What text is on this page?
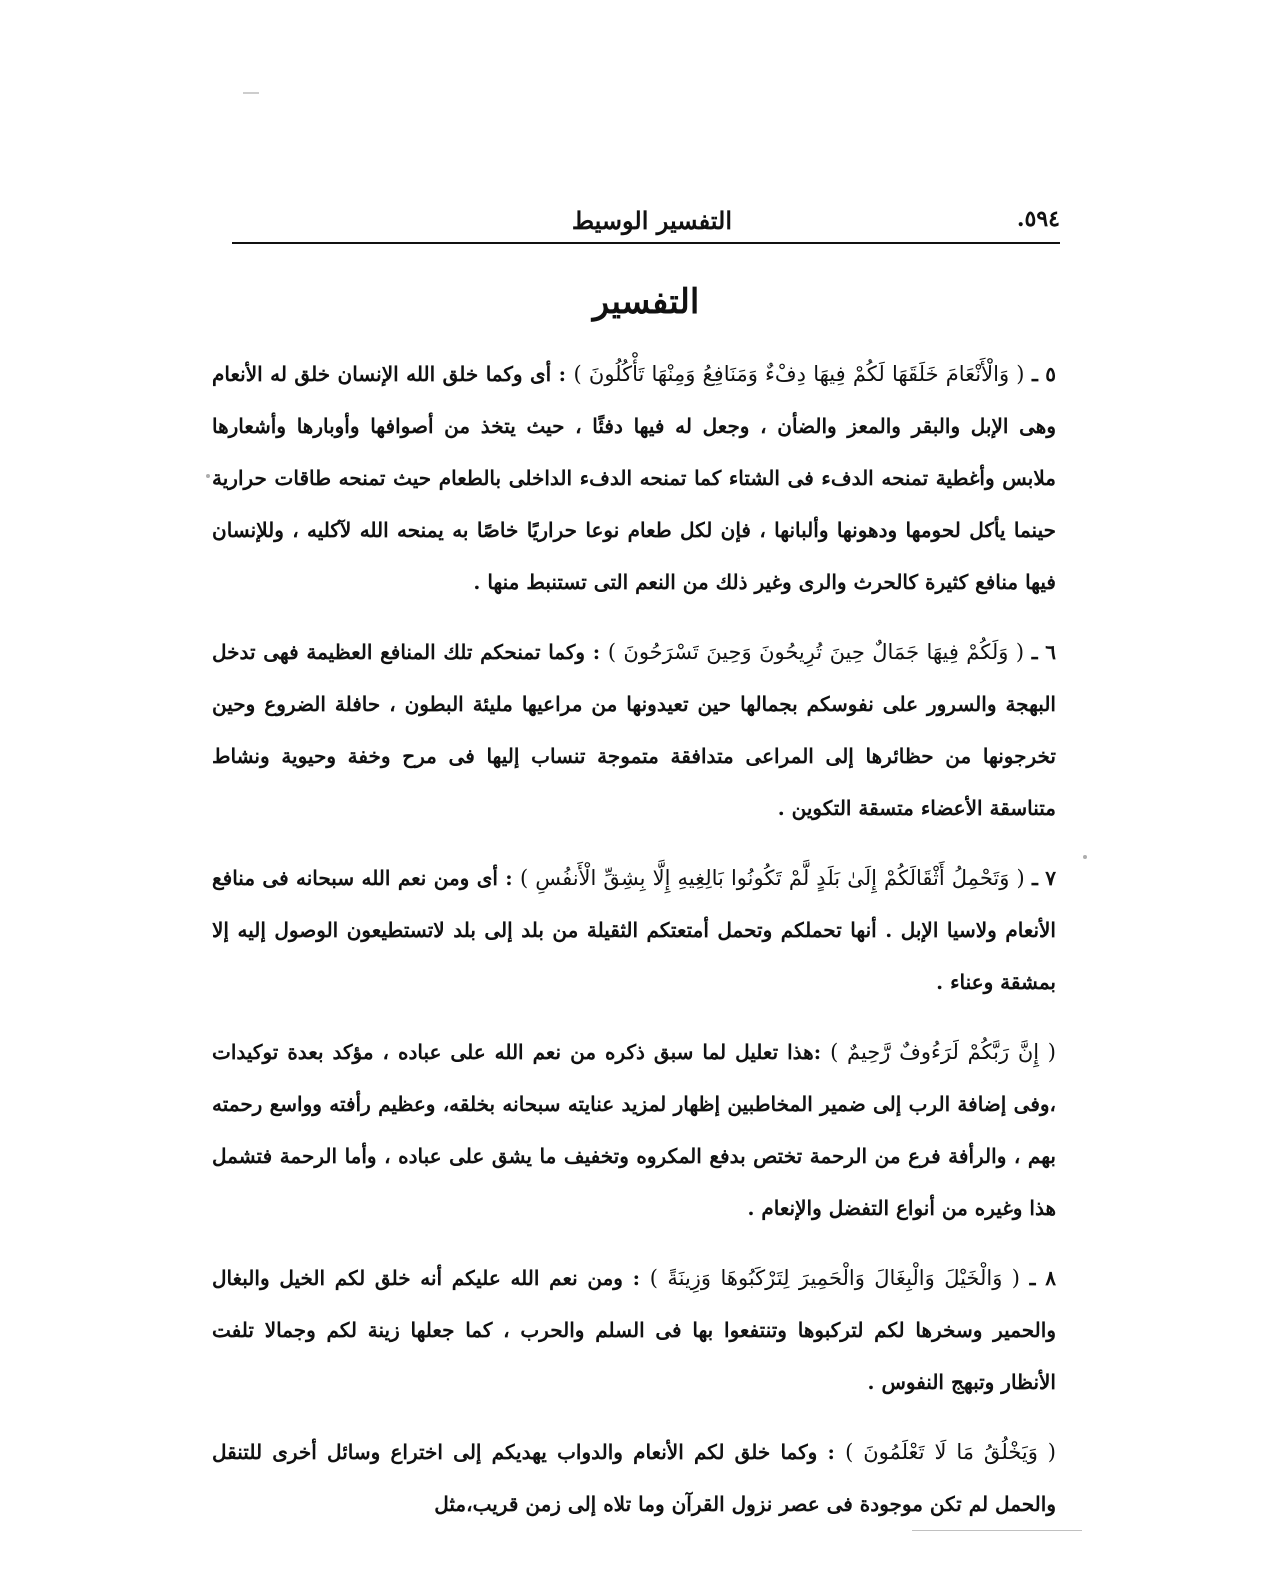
٥٩٤.
التفسير الوسيط
التفسير

٥ ـ ( وَالْأَنْعَامَ خَلَقَهَا لَكُمْ فِيهَا دِفْءٌ وَمَنَافِعُ وَمِنْهَا تَأْكُلُونَ ) : أى وكما خلق الله الإنسان خلق له الأنعام وهى الإبل والبقر والمعز والضأن ، وجعل له فيها دفئًا ، حيث يتخذ من أصوافها وأوبارها وأشعارها ملابس وأغطية تمنحه الدفء فى الشتاء كما تمنحه الدفء الداخلى بالطعام حيث تمنحه طاقات حرارية حينما يأكل لحومها ودهونها وألبانها ، فإن لكل طعام نوعا حراريًا خاصًا به يمنحه الله لآكليه ، وللإنسان فيها منافع كثيرة كالحرث والرى وغير ذلك من النعم التى تستنبط منها .

٦ ـ ( وَلَكُمْ فِيهَا جَمَالٌ حِينَ تُرِيحُونَ وَحِينَ تَسْرَحُونَ ) : وكما تمنحكم تلك المنافع العظيمة فهى تدخل البهجة والسرور على نفوسكم بجمالها حين تعيدونها من مراعيها مليئة البطون ، حافلة الضروع وحين تخرجونها من حظائرها إلى المراعى متدافقة متموجة تنساب إليها فى مرح وخفة وحيوية ونشاط متناسقة الأعضاء متسقة التكوين .

٧ ـ ( وَتَحْمِلُ أَثْقَالَكُمْ إِلَىٰ بَلَدٍ لَّمْ تَكُونُوا بَالِغِيهِ إِلَّا بِشِقِّ الْأَنفُسِ ) : أى ومن نعم الله سبحانه فى منافع الأنعام ولاسيا الإبل . أنها تحملكم وتحمل أمتعتكم الثقيلة من بلد إلى بلد لاتستطيعون الوصول إليه إلا بمشقة وعناء .

( إِنَّ رَبَّكُمْ لَرَءُوفٌ رَّحِيمٌ ) :هذا تعليل لما سبق ذكره من نعم الله على عباده ، مؤكد بعدة توكيدات ،وفى إضافة الرب إلى ضمير المخاطبين إظهار لمزيد عنايته سبحانه بخلقه، وعظيم رأفته وواسع رحمته بهم ، والرأفة فرع من الرحمة تختص بدفع المكروه وتخفيف ما يشق على عباده ، وأما الرحمة فتشمل هذا وغيره من أنواع التفضل والإنعام .

٨ ـ ( وَالْخَيْلَ وَالْبِغَالَ وَالْحَمِيرَ لِتَرْكَبُوهَا وَزِينَةً ) : ومن نعم الله عليكم أنه خلق لكم الخيل والبغال والحمير وسخرها لكم لتركبوها وتنتفعوا بها فى السلم والحرب ، كما جعلها زينة لكم وجمالا تلفت الأنظار وتبهج النفوس .

( وَيَخْلُقُ مَا لَا تَعْلَمُونَ ) : وكما خلق لكم الأنعام والدواب يهديكم إلى اختراع وسائل أخرى للتنقل والحمل لم تكن موجودة فى عصر نزول القرآن وما تلاه إلى زمن قريب،مثل
